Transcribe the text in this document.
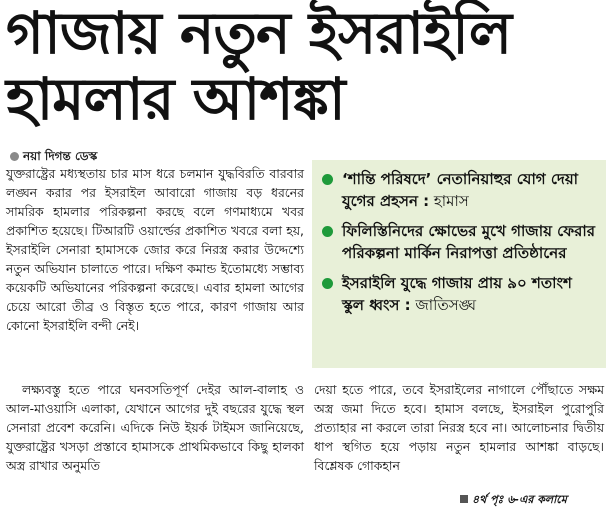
গাজায় নতুন ইসরাইলি
হামলার আশঙ্কা
নয়া দিগন্ত ডেস্ক

যুক্তরাষ্ট্রের মধ্যস্থতায় চার মাস ধরে চলমান যুদ্ধবিরতি বারবার লঙ্ঘন করার পর ইসরাইল আবারো গাজায় বড় ধরনের সামরিক হামলার পরিকল্পনা করছে বলে গণমাধ্যমে খবর প্রকাশিত হয়েছে। টিআরটি ওয়ার্ল্ডের প্রকাশিত খবরে বলা হয়, ইসরাইলি সেনারা হামাসকে জোর করে নিরস্ত্র করার উদ্দেশ্যে নতুন অভিযান চালাতে পারে। দক্ষিণ কমান্ড ইতোমধ্যে সম্ভাব্য কয়েকটি অভিযানের পরিকল্পনা করেছে। এবার হামলা আগের চেয়ে আরো তীব্র ও বিস্তৃত হতে পারে, কারণ গাজায় আর কোনো ইসরাইলি বন্দী নেই।

‘শান্তি পরিষদে’ নেতানিয়াহুর যোগ দেয়া যুগের প্রহসন : হামাস
ফিলিস্তিনিদের ক্ষোভের মুখে গাজায় ফেরার পরিকল্পনা মার্কিন নিরাপত্তা প্রতিষ্ঠানের
ইসরাইলি যুদ্ধে গাজায় প্রায় ৯০ শতাংশ স্কুল ধ্বংস : জাতিসঙ্ঘ

লক্ষ্যবস্তু হতে পারে ঘনবসতিপূর্ণ দেইর আল-বালাহ ও আল-মাওয়াসি এলাকা, যেখানে আগের দুই বছরের যুদ্ধে স্থল সেনারা প্রবেশ করেনি। এদিকে নিউ ইয়র্ক টাইমস জানিয়েছে, যুক্তরাষ্ট্রের খসড়া প্রস্তাবে হামাসকে প্রাথমিকভাবে কিছু হালকা অস্ত্র রাখার অনুমতি

দেয়া হতে পারে, তবে ইসরাইলের নাগালে পৌঁছাতে সক্ষম অস্ত্র জমা দিতে হবে। হামাস বলছে, ইসরাইল পুরোপুরি প্রত্যাহার না করলে তারা নিরস্ত্র হবে না। আলোচনার দ্বিতীয় ধাপ স্থগিত হয়ে পড়ায় নতুন হামলার আশঙ্কা বাড়ছে। বিশ্লেষক গোকহান

৪র্থ পৃঃ ৬-এর কলামে
